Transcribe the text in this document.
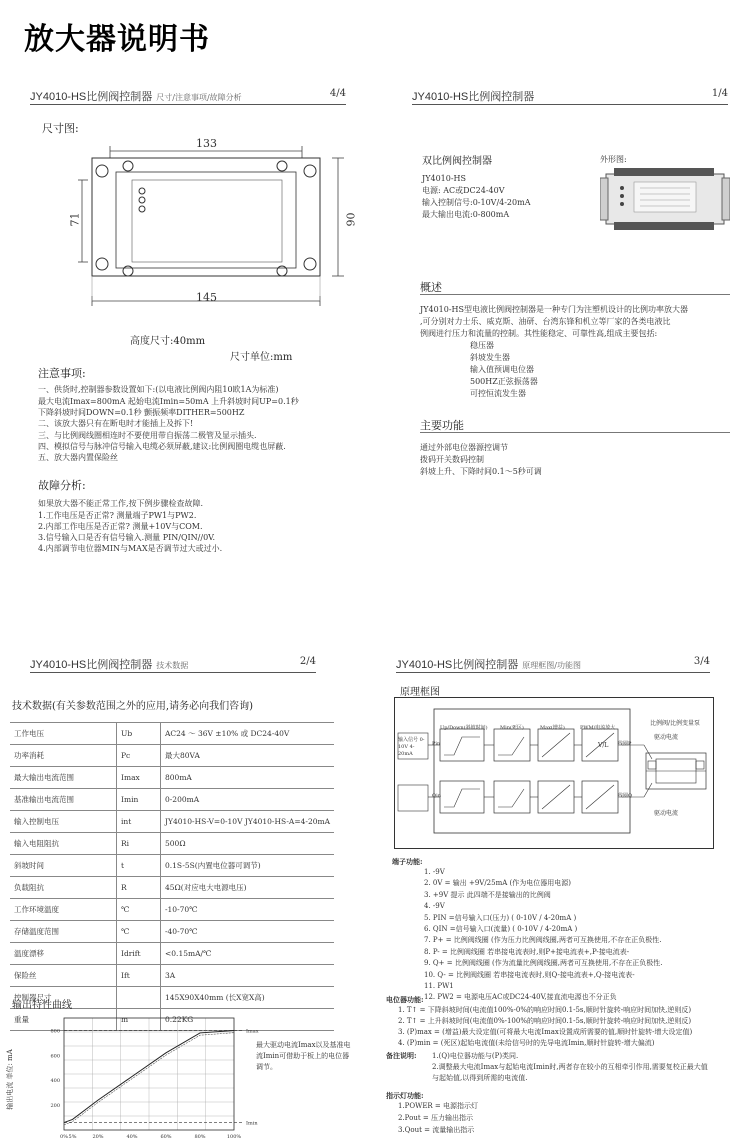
放大器说明书
JY4010-HS比例阀控制器 尺寸/注意事项/故障分析	4/4
尺寸图:
133
71	90
145
高度尺寸:40mm
尺寸单位:mm
注意事项:
一、供货时,控制器参数设置如下:(以电液比例阀内阻10欧1A为标准)
最大电流Imax=800mA 起始电流Imin=50mA 上升斜坡时间UP=0.1秒
下降斜坡时间DOWN=0.1秒 颤振频率DITHER=500HZ
二、该放大器只有在断电时才能插上及拆下!
三、与比例阀线圈相连时不要使用带自振荡二极管及显示插头.
四、模拟信号与脉冲信号输入电缆必须屏蔽,建议:比例阀圈电缆也屏蔽.
五、放大器内置保险丝
故障分析:
如果放大器不能正常工作,按下例步骤检查故障.
1.工作电压是否正常? 测量端子PW1与PW2.
2.内部工作电压是否正常? 测量+10V与COM.
3.信号输入口是否有信号输入.测量 PIN/QIN//0V.
4.内部调节电位器MIN与MAX是否调节过大或过小.
JY4010-HS比例阀控制器	1/4
双比例阀控制器	外形图:
JY4010-HS
电源: AC或DC24-40V
输入控制信号:0-10V/4-20mA
最大输出电流:0-800mA
概述
JY4010-HS型电液比例阀控制器是一种专门为注塑机设计的比例功率放大器
,可分别对力士乐、威克斯、油研、台湾东锋和机立等厂家的各类电液比
例阀进行压力和流量的控制。其性能稳定、可靠性高,组成主要包括:
稳压器
斜坡发生器
输入值预调电位器
500HZ正弦振荡器
可控恒流发生器
主要功能
通过外部电位器源控调节
拨码开关数码控制
斜坡上升、下降时间0.1～5秒可调
JY4010-HS比例阀控制器 技术数据	2/4
技术数据(有关参数范围之外的应用,请务必向我们咨询)
工作电压	Ub	AC24 ～ 36V ±10% 或 DC24-40V
功率消耗	Pc	最大80VA
最大输出电流范围	Imax	800mA
基准输出电流范围	Imin	0-200mA
输入控制电压	int	JY4010-HS-V=0-10V JY4010-HS-A=4-20mA
输入电阻阻抗	Ri	500Ω
斜坡时间	t	0.1S-5S(内置电位器可调节)
负载阻抗	R	45Ω(对应电大电源电压)
工作环境温度	℃	-10-70℃
存储温度范围	℃	-40-70℃
温度漂移	Idrift	<0.15mA/℃
保险丝	Ift	3A
控制器尺寸		145X90X40mm (长X宽X高)
重量	m	0.22KG
输出特性曲线
输出电流 单位: mA
800
600
400
200
0% 5%	20%	40%	60%	80%	100%
Imax
Imin
最大驱动电流Imax以及基准电
流Imin可借助于板上的电位器
调节。
JY4010-HS比例阀控制器 原理框图/功能图	3/4
原理框图
输入信号 0-10V 4-20mA
Up/Down(斜坡时间) Min(死区)	Max(增益)	PWM/电流放大
V/L 线圈P
线圈Q
Pin
Qin
比例阀/比例变量泵
驱动电流
驱动电流
端子功能:
1. -9V
2. 0V = 输出 +9V/25mA (作为电位器用电源)
3. +9V 提示 此四端不是接输出的比例阀
4. -9V
5. PIN =信号输入口(压力) ( 0-10V / 4-20mA )
6. QIN =信号输入口(流量) ( 0-10V / 4-20mA )
7. P+ = 比例阀线圈 (作为压力比例阀线圈,两者可互换使用,不存在正负极性.
8. P- = 比例阀线圈 若串接电流表时,则P+接电流表+,P-接电流表-
9. Q+ = 比例阀线圈 (作为流量比例阀线圈,两者可互换使用,不存在正负极性.
10. Q- = 比例阀线圈 若串接电流表时,则Q-接电流表+,Q-接电流表-
11. PW1
12. PW2 = 电源电压AC或DC24-40V,接直流电源也不分正负
电位器功能:
1. T↑ = 下降斜坡时间(电流值100%-0%的响应时间0.1-5s,顺时针旋转-响应时间加快,逆则反)
2. T↑ = 上升斜坡时间(电流值0%-100%的响应时间0.1-5s,顺时针旋转-响应时间加快,逆则反)
3. (P)max = (增益)最大设定值(可将最大电流Imax设置成所需要的值,顺时针旋转-增大设定值)
4. (P)min = (死区)起始电流值(未给信号时的先导电流Imin,顺时针旋转-增大偏流)
备注说明: 1.(Q)电位器功能与(P)类同.
2.调整最大电流Imax与起始电流Imin时,两者存在较小的互相牵引作用,需要复校正最大值
与起始值,以得到所需的电流值.
指示灯功能:
1.POWER = 电源指示灯
2.Pout = 压力输出指示
3.Qout = 流量输出指示
